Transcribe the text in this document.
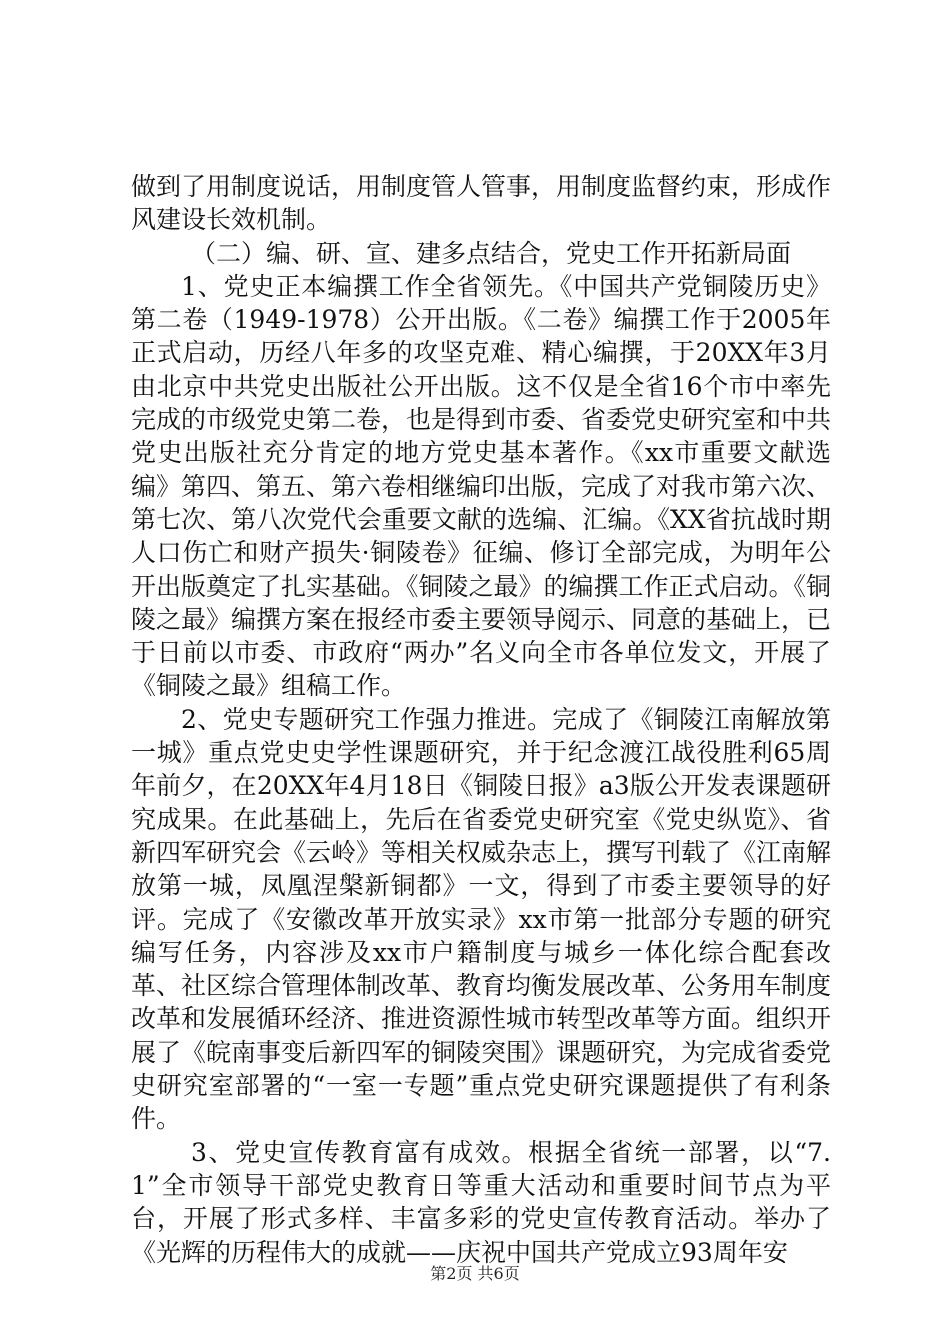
做到了用制度说话，用制度管人管事，用制度监督约束，形成作风建设长效机制。

（二）编、研、宣、建多点结合，党史工作开拓新局面

1、党史正本编撰工作全省领先。《中国共产党铜陵历史》第二卷（1949-1978）公开出版。《二卷》编撰工作于2005年正式启动，历经八年多的攻坚克难、精心编撰，于20XX年3月由北京中共党史出版社公开出版。这不仅是全省16个市中率先完成的市级党史第二卷，也是得到市委、省委党史研究室和中共党史出版社充分肯定的地方党史基本著作。《xx市重要文献选编》第四、第五、第六卷相继编印出版，完成了对我市第六次、第七次、第八次党代会重要文献的选编、汇编。《XX省抗战时期人口伤亡和财产损失·铜陵卷》征编、修订全部完成，为明年公开出版奠定了扎实基础。《铜陵之最》的编撰工作正式启动。《铜陵之最》编撰方案在报经市委主要领导阅示、同意的基础上，已于日前以市委、市政府“两办”名义向全市各单位发文，开展了《铜陵之最》组稿工作。

2、党史专题研究工作强力推进。完成了《铜陵江南解放第一城》重点党史史学性课题研究，并于纪念渡江战役胜利65周年前夕，在20XX年4月18日《铜陵日报》a3版公开发表课题研究成果。在此基础上，先后在省委党史研究室《党史纵览》、省新四军研究会《云岭》等相关权威杂志上，撰写刊载了《江南解放第一城，凤凰涅槃新铜都》一文，得到了市委主要领导的好评。完成了《安徽改革开放实录》xx市第一批部分专题的研究编写任务，内容涉及xx市户籍制度与城乡一体化综合配套改革、社区综合管理体制改革、教育均衡发展改革、公务用车制度改革和发展循环经济、推进资源性城市转型改革等方面。组织开展了《皖南事变后新四军的铜陵突围》课题研究，为完成省委党史研究室部署的“一室一专题”重点党史研究课题提供了有利条件。

3、党史宣传教育富有成效。根据全省统一部署，以“7.1”全市领导干部党史教育日等重大活动和重要时间节点为平台，开展了形式多样、丰富多彩的党史宣传教育活动。举办了《光辉的历程伟大的成就——庆祝中国共产党成立93周年安

第2页 共6页
